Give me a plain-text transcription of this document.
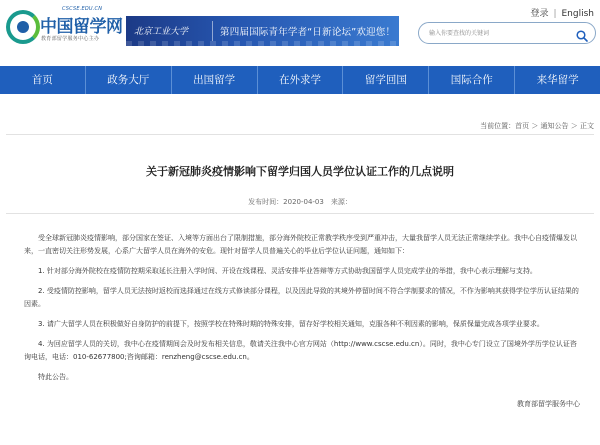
CSCSE.EDU.CN
中国留学网
教育部留学服务中心主办
北京工业大学	第四届国际青年学者“日新论坛”欢迎您！
登录 | English
输入你要查找的关键词
首页	政务大厅	出国留学	在外求学	留学回国	国际合作	来华留学
当前位置：首页 ＞ 通知公告 ＞ 正文
关于新冠肺炎疫情影响下留学归国人员学位认证工作的几点说明
发布时间：2020-04-03　来源：

受全球新冠肺炎疫情影响，部分国家在签证、入境等方面出台了限制措施，部分海外院校正常教学秩序受到严重冲击，大量我留学人员无法正常继续学业。我中心自疫情爆发以来，一直密切关注形势发展，心系广大留学人员在海外的安危。现针对留学人员普遍关心的毕业后学位认证问题，通知如下：

1. 针对部分海外院校在疫情防控期采取延长注册入学时间、开设在线课程、灵活安排毕业答辩等方式协助我国留学人员完成学业的举措，我中心表示理解与支持。

2. 受疫情防控影响，留学人员无法按时返校而选择通过在线方式修读部分课程，以及因此导致的其境外停留时间不符合学制要求的情况，不作为影响其获得学位学历认证结果的因素。

3. 请广大留学人员在积极做好自身防护的前提下，按照学校在特殊时期的特殊安排，留存好学校相关通知，克服各种不利因素的影响，保质保量完成各项学业要求。

4. 为回应留学人员的关切，我中心在疫情期间会及时发布相关信息，敬请关注我中心官方网站（http://www.cscse.edu.cn）。同时，我中心专门设立了国境外学历学位认证咨询电话，电话：010-62677800;咨询邮箱：renzheng@cscse.edu.cn。

特此公告。

教育部留学服务中心
